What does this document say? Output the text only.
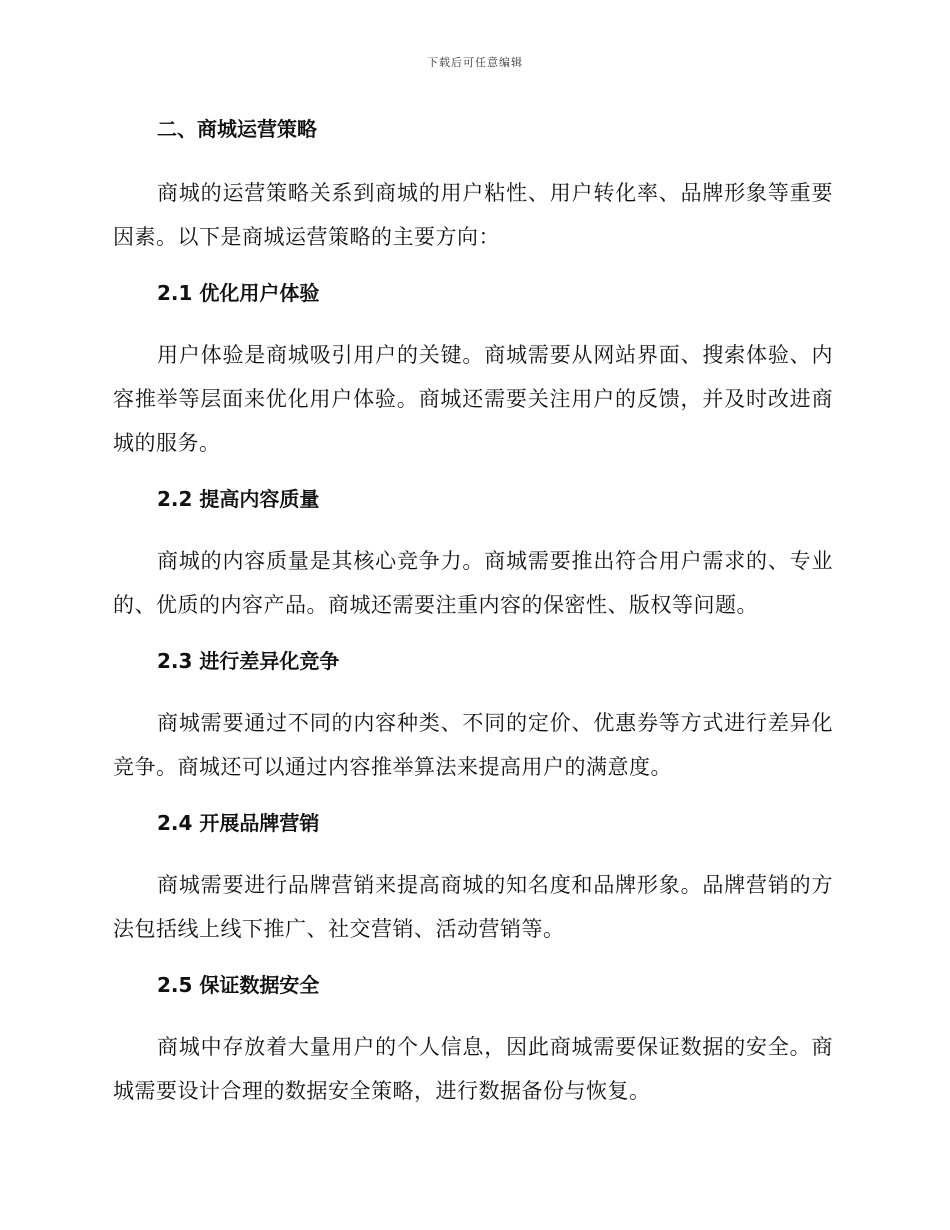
下载后可任意编辑
二、商城运营策略

商城的运营策略关系到商城的用户粘性、用户转化率、品牌形象等重要因素。以下是商城运营策略的主要方向：

2.1 优化用户体验

用户体验是商城吸引用户的关键。商城需要从网站界面、搜索体验、内容推举等层面来优化用户体验。商城还需要关注用户的反馈，并及时改进商城的服务。

2.2 提高内容质量

商城的内容质量是其核心竞争力。商城需要推出符合用户需求的、专业的、优质的内容产品。商城还需要注重内容的保密性、版权等问题。

2.3 进行差异化竞争

商城需要通过不同的内容种类、不同的定价、优惠券等方式进行差异化竞争。商城还可以通过内容推举算法来提高用户的满意度。

2.4 开展品牌营销

商城需要进行品牌营销来提高商城的知名度和品牌形象。品牌营销的方法包括线上线下推广、社交营销、活动营销等。

2.5 保证数据安全

商城中存放着大量用户的个人信息，因此商城需要保证数据的安全。商城需要设计合理的数据安全策略，进行数据备份与恢复。
